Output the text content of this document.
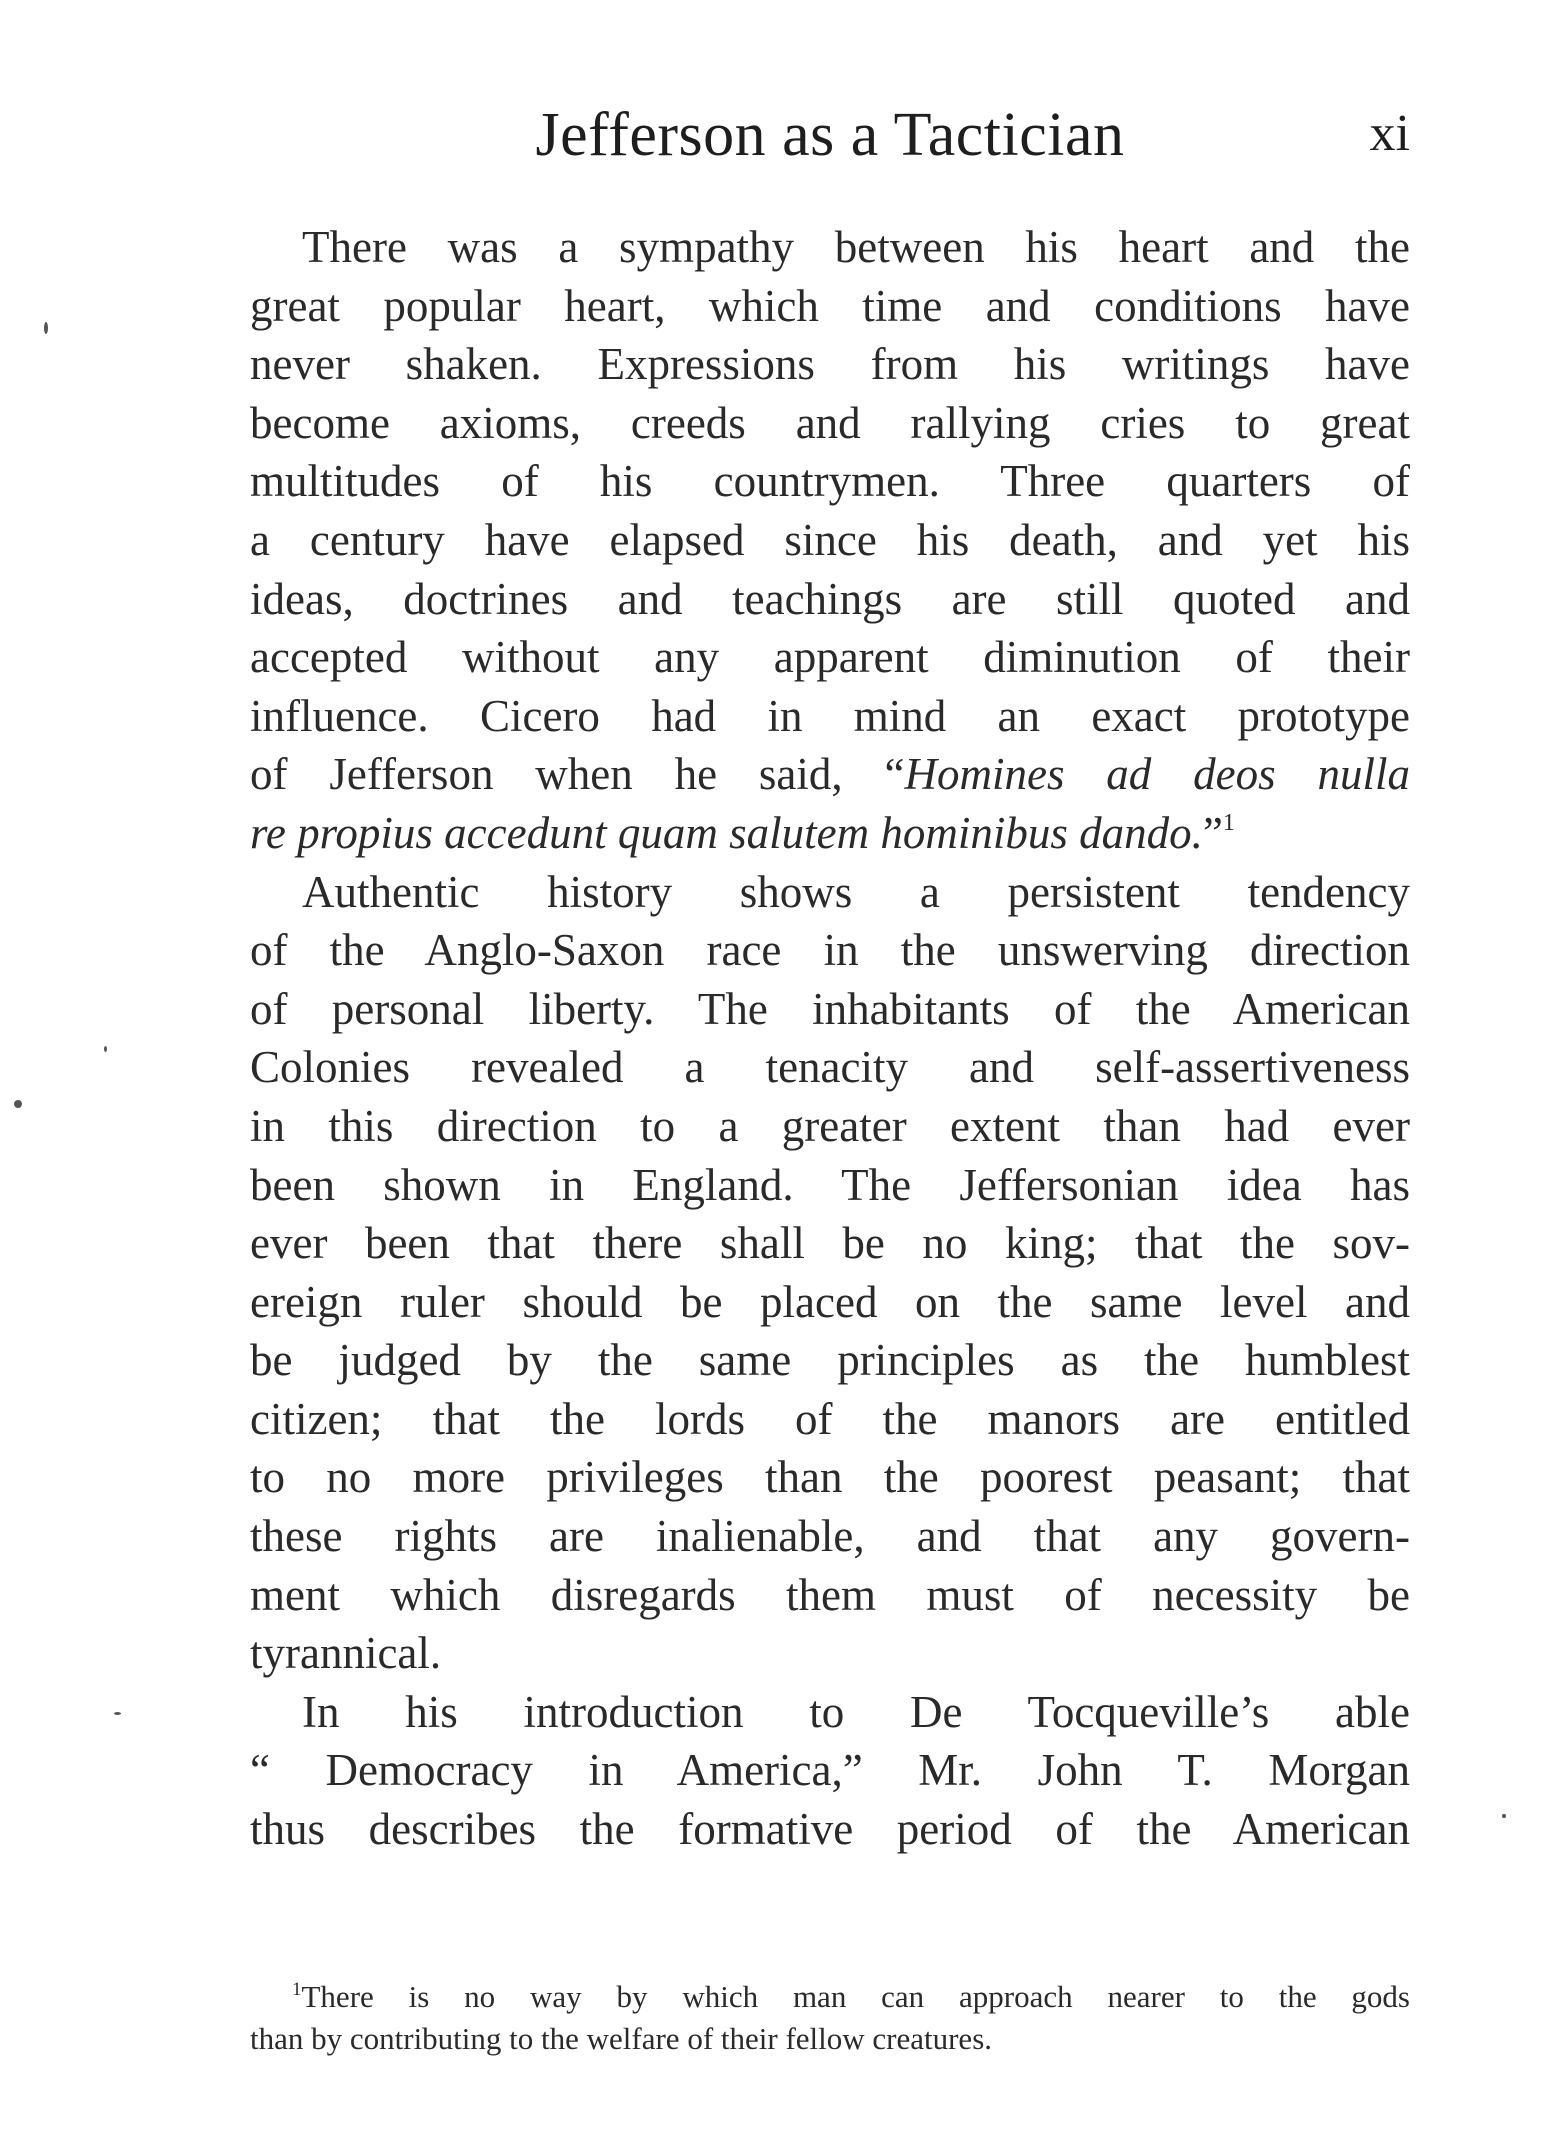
Jefferson as a Tactician	xi
There was a sympathy between his heart and the
great popular heart, which time and conditions have
never shaken. Expressions from his writings have
become axioms, creeds and rallying cries to great
multitudes of his countrymen. Three quarters of
a century have elapsed since his death, and yet his
ideas, doctrines and teachings are still quoted and
accepted without any apparent diminution of their
influence. Cicero had in mind an exact prototype
of Jefferson when he said, “Homines ad deos nulla
re propius accedunt quam salutem hominibus dando.”$^1$
Authentic history shows a persistent tendency
of the Anglo-Saxon race in the unswerving direction
of personal liberty. The inhabitants of the American
Colonies revealed a tenacity and self-assertiveness
in this direction to a greater extent than had ever
been shown in England. The Jeffersonian idea has
ever been that there shall be no king; that the sov-
ereign ruler should be placed on the same level and
be judged by the same principles as the humblest
citizen; that the lords of the manors are entitled
to no more privileges than the poorest peasant; that
these rights are inalienable, and that any govern-
ment which disregards them must of necessity be
tyrannical.
In his introduction to De Tocqueville’s able
“ Democracy in America,” Mr. John T. Morgan
thus describes the formative period of the American
$^1$There is no way by which man can approach nearer to the gods
than by contributing to the welfare of their fellow creatures.
